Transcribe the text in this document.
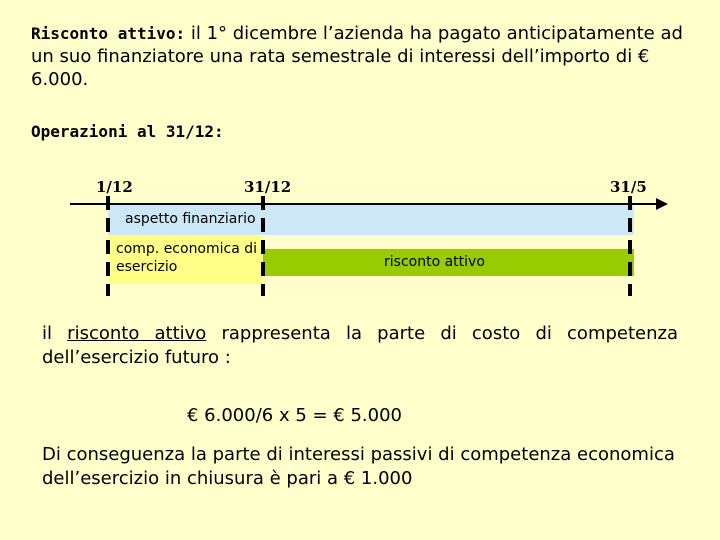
Risconto attivo: il 1° dicembre l’azienda ha pagato anticipatamente ad un suo finanziatore una rata semestrale di interessi dell’importo di € 6.000.
Operazioni al 31/12:
1/12	31/12	31/5
aspetto finanziario
comp. economica di esercizio	risconto attivo
il risconto attivo rappresenta la parte di costo di competenza dell’esercizio futuro :
€ 6.000/6 x 5 = € 5.000
Di conseguenza la parte di interessi passivi di competenza economica dell’esercizio in chiusura è pari a € 1.000
